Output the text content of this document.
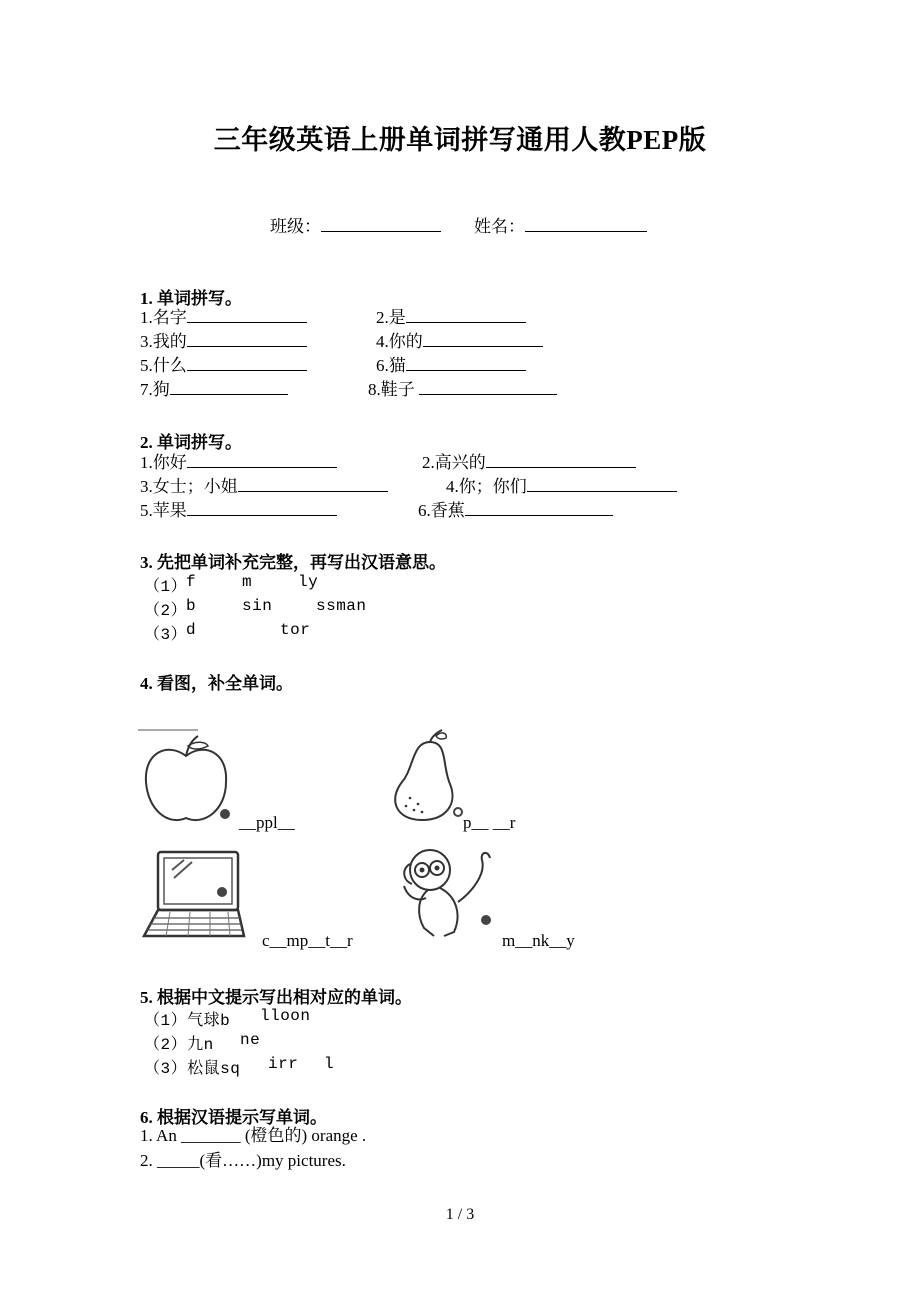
三年级英语上册单词拼写通用人教PEP版
班级：	姓名：
1. 单词拼写。
1.名字	2.是
3.我的	4.你的
5.什么	6.猫
7.狗	8.鞋子
2. 单词拼写。
1.你好	2.高兴的
3.女士；小姐	4.你；你们
5.苹果	6.香蕉
3. 先把单词补充完整，再写出汉语意思。
（1）
f	m	ly
（2）
b	sin	ssman
（3）
d	tor
4. 看图，补全单词。
__ppl__	p__ __r
c__mp__t__r	m__nk__y
5. 根据中文提示写出相对应的单词。
（1）气球b lloon
（2）九n ne
（3）松鼠sq irr l
6. 根据汉语提示写单词。
1. An _______ (橙色的) orange .
2. _____(看……)my pictures.
1 / 3
